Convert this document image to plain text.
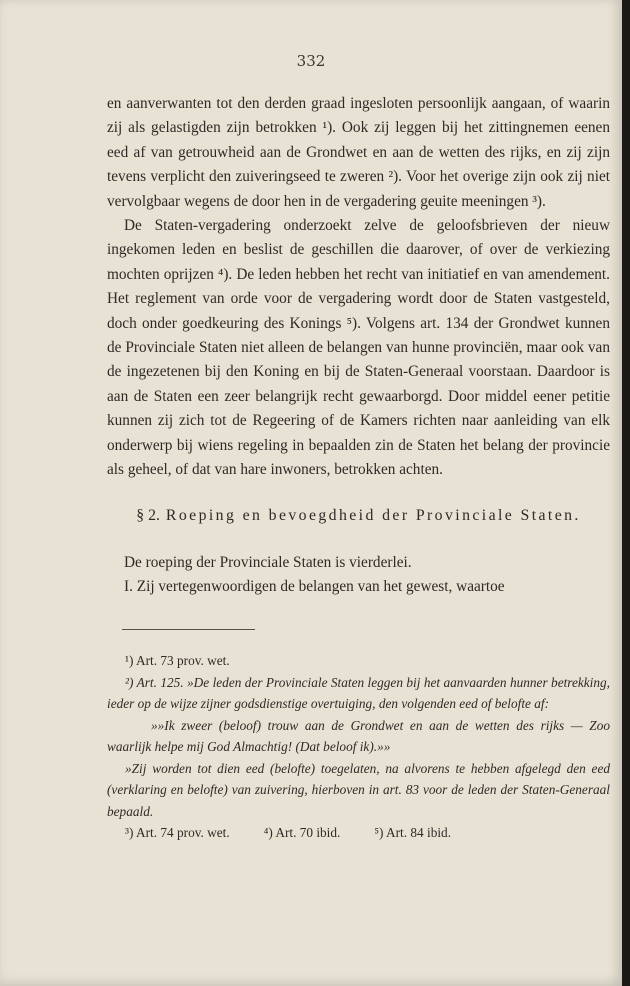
332

en aanverwanten tot den derden graad ingesloten persoonlijk aangaan, of waarin zij als gelastigden zijn betrokken ¹). Ook zij leggen bij het zittingnemen eenen eed af van getrouwheid aan de Grondwet en aan de wetten des rijks, en zij zijn tevens verplicht den zuiveringseed te zweren ²). Voor het overige zijn ook zij niet vervolgbaar wegens de door hen in de vergadering geuite meeningen ³).

De Staten-vergadering onderzoekt zelve de geloofsbrieven der nieuw ingekomen leden en beslist de geschillen die daarover, of over de verkiezing mochten oprijzen ⁴). De leden hebben het recht van initiatief en van amendement. Het reglement van orde voor de vergadering wordt door de Staten vastgesteld, doch onder goedkeuring des Konings ⁵). Volgens art. 134 der Grondwet kunnen de Provinciale Staten niet alleen de belangen van hunne provinciën, maar ook van de ingezetenen bij den Koning en bij de Staten-Generaal voorstaan. Daardoor is aan de Staten een zeer belangrijk recht gewaarborgd. Door middel eener petitie kunnen zij zich tot de Regeering of de Kamers richten naar aanleiding van elk onderwerp bij wiens regeling in bepaalden zin de Staten het belang der provincie als geheel, of dat van hare inwoners, betrokken achten.

§ 2. Roeping en bevoegdheid der Provinciale Staten.

De roeping der Provinciale Staten is vierderlei.

I. Zij vertegenwoordigen de belangen van het gewest, waartoe

¹) Art. 73 prov. wet.

²) Art. 125. »De leden der Provinciale Staten leggen bij het aanvaarden hunner betrekking, ieder op de wijze zijner godsdienstige overtuiging, den volgenden eed of belofte af:

»»Ik zweer (beloof) trouw aan de Grondwet en aan de wetten des rijks — Zoo waarlijk helpe mij God Almachtig! (Dat beloof ik).»»

»Zij worden tot dien eed (belofte) toegelaten, na alvorens te hebben afgelegd den eed (verklaring en belofte) van zuivering, hierboven in art. 83 voor de leden der Staten-Generaal bepaald.

³) Art. 74 prov. wet.	⁴) Art. 70 ibid.	⁵) Art. 84 ibid.
